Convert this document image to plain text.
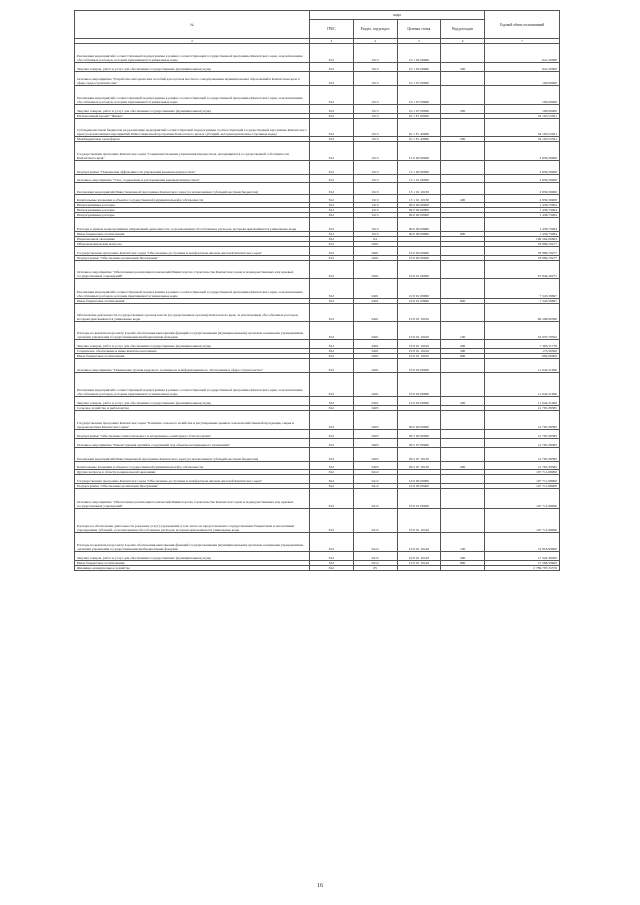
№	коды				Годовой объем ассигнований
	ГРБС	Раздел, под-раздел	Целевая статья	Вид расходов	
2	3	4	5	6	7
Реализация мероприятий соответствующей подпрограммы в рамках соответствующей государственной программы Камчатского края, за исключением обособленных расходов, которым присваиваются уникальные коды	812	0113	10 1 02 09990		641,50000
Закупка товаров, работ и услуг для обеспечения государственных (муниципальных) нужд	812	0113	10 1 02 09990	200	641,50000
Основное мероприятие "Разработка методических пособий для органов местного самоуправления муниципальных образований в Камчатском крае в сфере градостроительства"	812	0113	10 1 07 00000		100,00000
Реализация мероприятий соответствующей подпрограммы в рамках соответствующей государственной программы Камчатского края, за исключением обособленных расходов, которым присваиваются уникальные коды	812	0113	10 1 07 09990		100,00000
Закупка товаров, работ и услуг для обеспечения государственных (муниципальных) нужд	812	0113	10 1 07 09990	200	100,00000
Региональный проект "Жилье"	812	0113	10 1 F1 00000		34 163,52561
Субсидии местным бюджетам на реализацию мероприятий соответствующей подпрограммы соответствующей государственной программы Камчатского края (за исключением мероприятий Инвестиционной программы Камчатского края и субсидий, которым присвоены отдельные коды)	812	0113	10 1 F1 40060		34 163,52561
Межбюджетные трансферты	812	0113	10 1 F1 40060	500	34 163,52561
Государственная программа Камчатского края "Совершенствование управления имуществом, находящимся в государственной собственности Камчатского края"	812	0113	13 0 00 00000		2 839,56900
Подпрограмма "Повышение эффективности управления краевым имуществом"	812	0113	13 1 00 00000		2 839,56900
Основное мероприятие "Учет, содержание и распоряжение краевым имуществом"	812	0113	13 1 01 00000		2 839,56900
Реализация мероприятий Инвестиционной программы Камчатского края (за исключением субсидий местным бюджетам)	812	0113	13 1 01 10130		2 839,56900
Капитальные вложения в объекты государственной (муниципальной) собственности	812	0113	13 1 01 10130	400	2 839,56900
Непрограммные расходы	812	0113	99 0 00 00000		1 436,73964
Непрограммные расходы	812	0113	99 0 00 00000		1 436,73964
Непрограммные расходы	812	0113	99 0 00 00000		1 436,73964
Расходы в рамках непрограммных направлений деятельности, за исключением обособленных расходов, которым присваиваются уникальные коды	812	0113	99 0 00 09980		1 436,73964
Иные бюджетные ассигнования	812	0113	99 0 00 09980	800	1 436,73964
Национальная экономика	812	04			199 564,06663
Общеэкономические вопросы	812	0401			78 886,70277
Государственная программа Камчатского края "Обеспечение доступным и комфортным жильем жителей Камчатского края"	812	0401	10 0 00 00000		78 886,70277
Подпрограмма "Обеспечение реализации Программы"	812	0401	10 8 00 00000		78 886,70277
Основное мероприятие "Обеспечение реализации полномочий Министерства строительства Камчатского края и подведомственных ему краевых государственных учреждений"	812	0401	10 8 01 00000		67 844,49277
Реализация мероприятий соответствующей подпрограммы в рамках соответствующей государственной программы Камчатского края, за исключением обособленных расходов, которым присваиваются уникальные коды	812	0401	10 8 01 09990		7 545,58697
Иные бюджетные ассигнования	812	0401	10 8 01 09990	800	7 545,58697
Обеспечение деятельности государственных органов власти (государственных органов) Камчатского края, за исключением обособленных расходов, которым присваиваются уникальные коды	812	0401	10 8 01 10010		60 298,90580
Расходы на выплаты персоналу в целях обеспечения выполнения функций государственными (муниципальными) органами, казенными учреждениями, органами управления государственными внебюджетными фондами	812	0401	10 8 01 10010	100	52 053,78502
Закупка товаров, работ и услуг для обеспечения государственных (муниципальных) нужд	812	0401	10 8 01 10010	200	7 393,51778
Социальное обеспечение и иные выплаты населению	812	0401	10 8 01 10010	300	173,50300
Иные бюджетные ассигнования	812	0401	10 8 01 10010	800	682,00000
Основное мероприятие "Повышение уровня кадрового потенциала и информационного обеспечения в сфере строительства"	812	0401	10 8 02 00000		11 042,21000
Реализация мероприятий соответствующей подпрограммы в рамках соответствующей государственной программы Камчатского края, за исключением обособленных расходов, которым присваиваются уникальные коды	812	0401	10 8 02 09990		11 042,21000
Закупка товаров, работ и услуг для обеспечения государственных (муниципальных) нужд	812	0401	10 8 02 09990	200	11 042,21000
Сельское хозяйство и рыболовство	812	0405			12 765,38385
Государственная программа Камчатского края "Развитие сельского хозяйства и регулирование рынков сельскохозяйственной продукции, сырья и продовольствия Камчатского края"	812	0405	09 0 00 00000		12 765,38385
Подпрограмма "Обеспечение эпизоотического и ветеринарно-санитарного благополучия"	812	0405	09 5 00 00000		12 765,38385
Основное мероприятие "Реконструкция зданий и сооружений под объекты ветеринарного назначения"	812	0405	09 5 07 00000		12 765,38385
Реализация мероприятий Инвестиционной программы Камчатского края (за исключением субсидий местным бюджетам)	812	0405	09 5 07 10130		12 765,38385
Капитальные вложения в объекты государственной (муниципальной) собственности	812	0405	09 5 07 10130	400	12 765,38385
Другие вопросы в области национальной экономики	812	0412			107 711,98000
Государственная программа Камчатского края "Обеспечение доступным и комфортным жильем жителей Камчатского края"	812	0412	10 0 00 00000		107 711,98000
Подпрограмма "Обеспечение реализации Программы"	812	0412	10 8 00 00000		107 711,98000
Основное мероприятие "Обеспечение реализации полномочий Министерства строительства Камчатского края и подведомственных ему краевых государственных учреждений"	812	0412	10 8 01 00000		107 711,98000
Расходы на обеспечение деятельности (оказание услуг) учреждений, в том числе на предоставление государственным бюджетным и автономным учреждениям субсидий, за исключением обособленных расходов, которым присваиваются уникальные коды	812	0412	10 8 01 10140		107 711,98000
Расходы на выплаты персоналу в целях обеспечения выполнения функций государственными (муниципальными) органами, казенными учреждениями, органами управления государственными внебюджетными фондами	812	0412	10 8 01 10140	100	74 818,99900
Закупка товаров, работ и услуг для обеспечения государственных (муниципальных) нужд	812	0412	10 8 01 10140	200	17 324,38500
Иные бюджетные ассигнования	812	0412	10 8 01 10140	800	15 568,59600
Жилищно-коммунальное хозяйство	812	05			2 789 787,35579
16
